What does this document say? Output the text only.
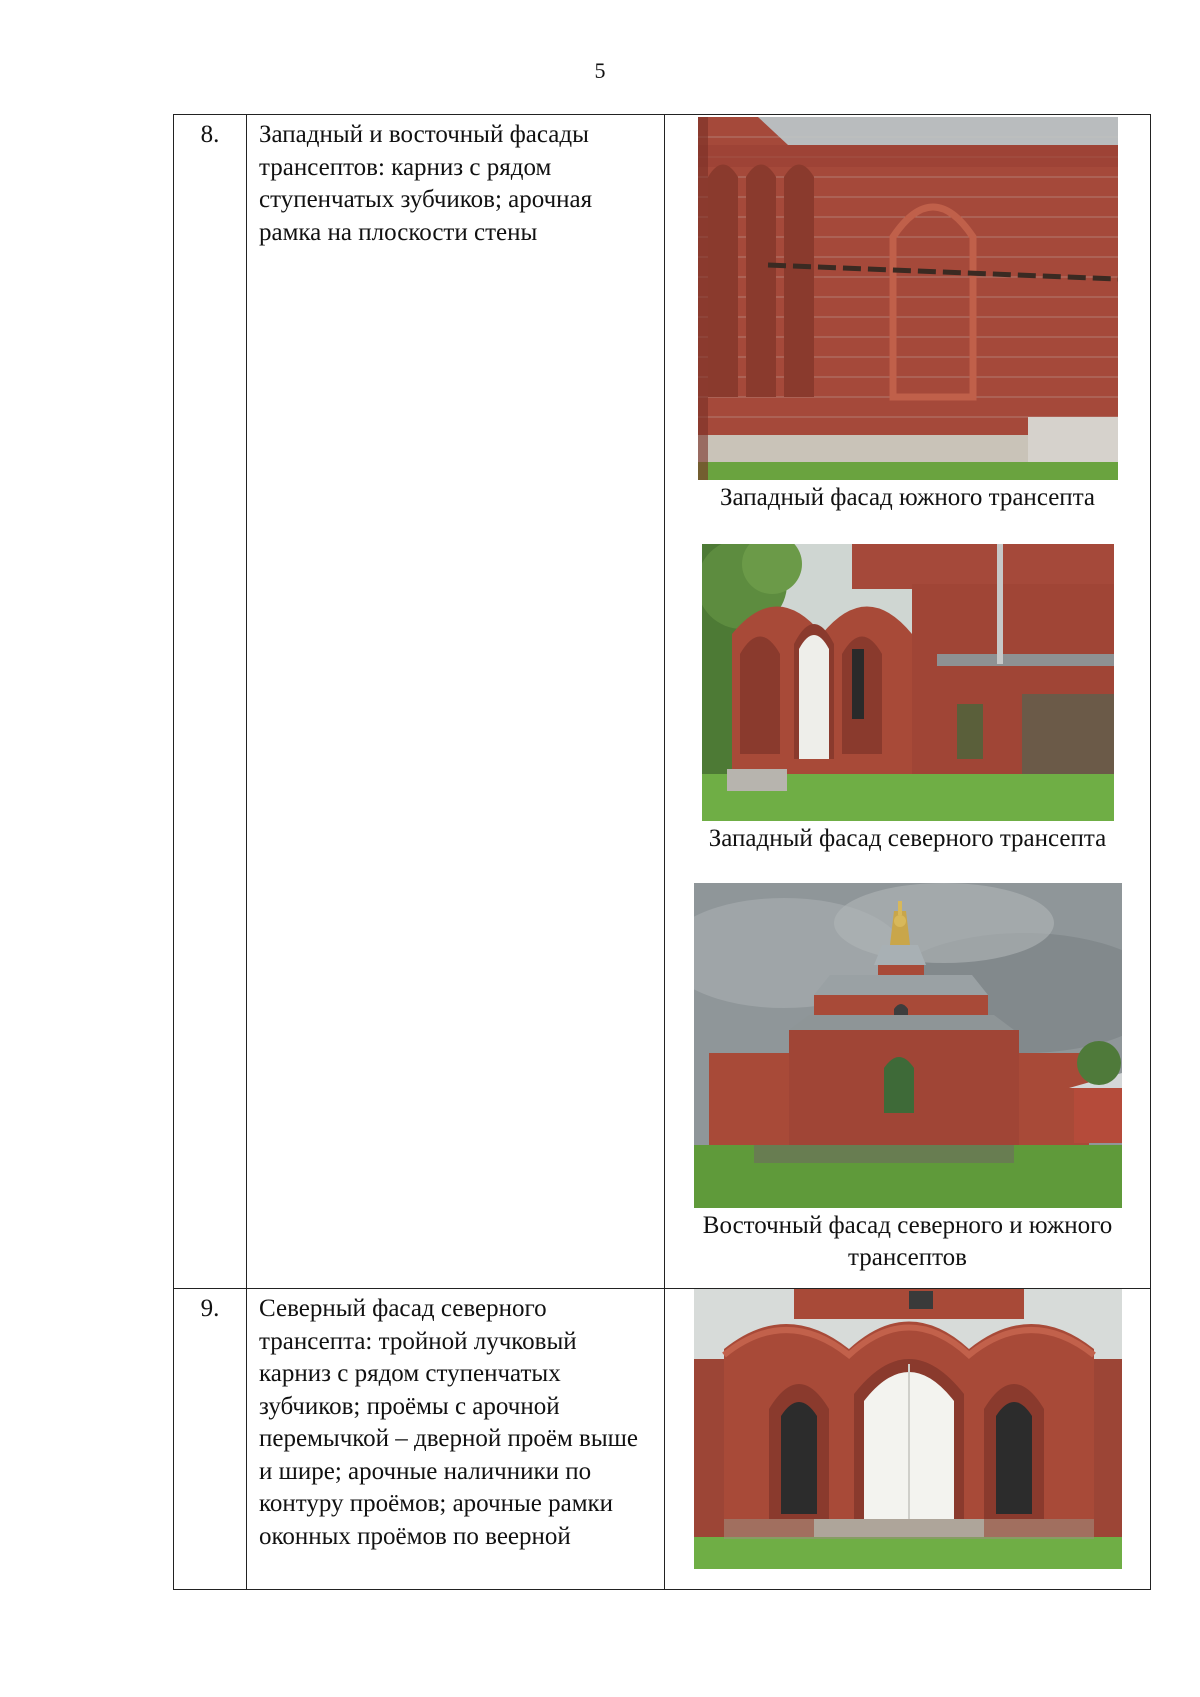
5
8.	Западный и восточный фасады трансептов: карниз с рядом ступенчатых зубчиков; арочная рамка на плоскости стены	Западный фасад южного трансепта
Западный фасад северного трансепта
Восточный фасад северного и южного трансептов

9.	Северный фасад северного трансепта: тройной лучковый карниз с рядом ступенчатых зубчиков; проёмы с арочной перемычкой – дверной проём выше и шире; арочные наличники по контуру проёмов; арочные рамки оконных проёмов по веерной	
